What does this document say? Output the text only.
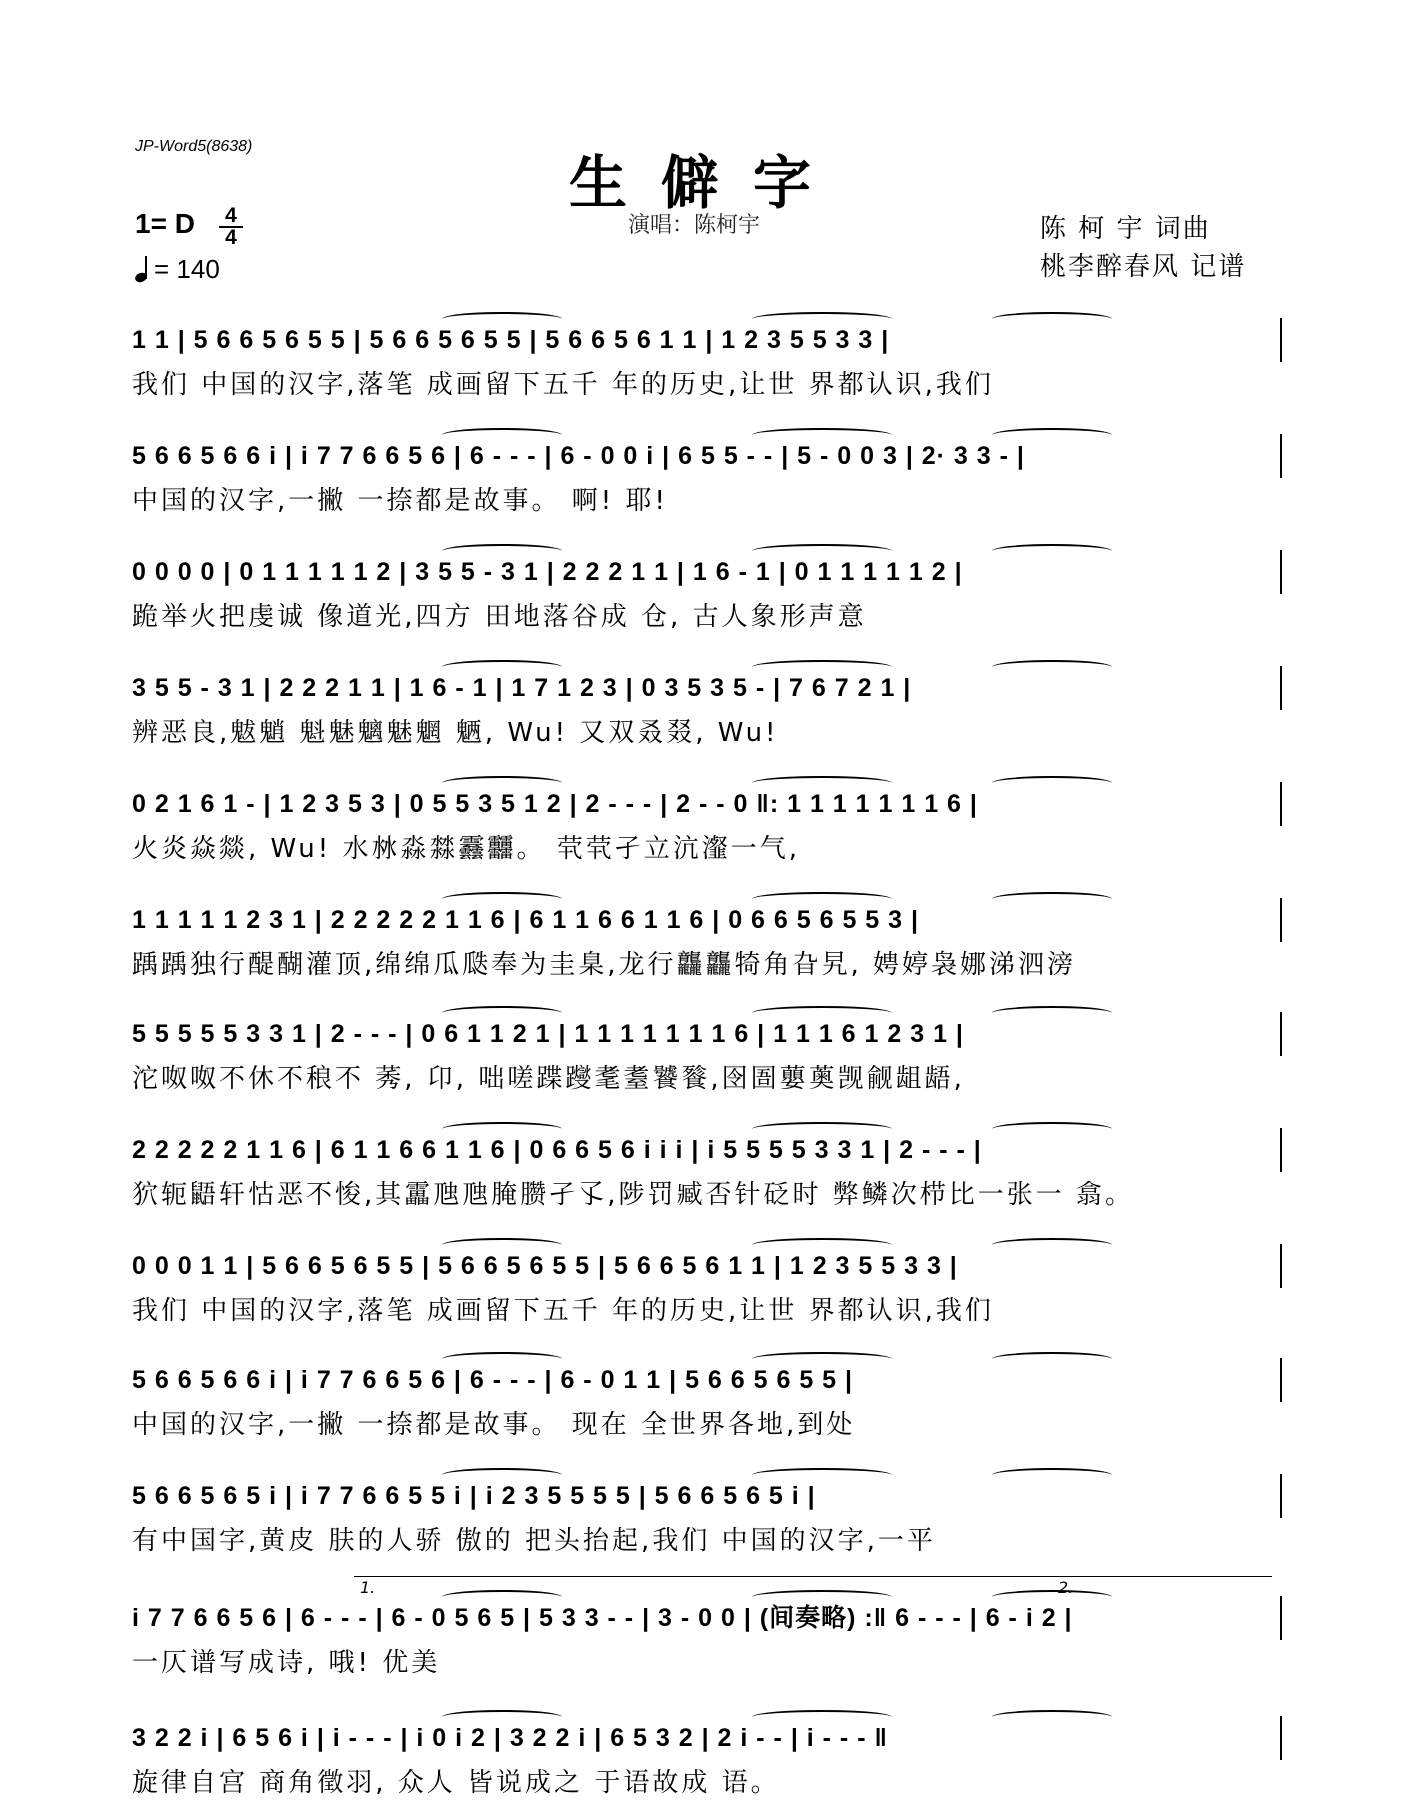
JP-Word5(8638)
生僻字
1= D	4
4
= 140
演唱：陈柯宇	陈 柯 宇 词曲
桃李醉春风 记谱
1 1 | 5 6 6 5 6 5 5 | 5 6 6 5 6 5 5 | 5 6 6 5 6 1 1 | 1 2 3 5 5 3 3 |
我们 中国的汉字,落笔 成画留下五千 年的历史,让世 界都认识,我们
5 6 6 5 6 6 i | i 7 7 6 6 5 6 | 6 - - - | 6 - 0 0 i | 6 5 5 - - | 5 - 0 0 3 | 2· 3 3 - |
中国的汉字,一撇 一捺都是故事。 啊! 耶!
0 0 0 0 | 0 1 1 1 1 1 2 | 3 5 5 - 3 1 | 2 2 2 1 1 | 1 6 - 1 | 0 1 1 1 1 1 2 |
跪举火把虔诚 像道光,四方 田地落谷成 仓, 古人象形声意
3 5 5 - 3 1 | 2 2 2 1 1 | 1 6 - 1 | 1 7 1 2 3 | 0 3 5 3 5 - | 7 6 7 2 1 |
辨恶良,魃魈 魁魅魑魅魍 魉, Wu! 又双叒叕, Wu!
0 2 1 6 1 - | 1 2 3 5 3 | 0 5 5 3 5 1 2 | 2 - - - | 2 - - 0 ‖: 1 1 1 1 1 1 1 6 |
火炎焱燚, Wu! 水沝淼㵘䨺䨻。 茕茕孑立沆瀣一气,
1 1 1 1 1 2 3 1 | 2 2 2 2 2 1 1 6 | 6 1 1 6 6 1 1 6 | 0 6 6 5 6 5 5 3 |
踽踽独行醍醐灌顶,绵绵瓜瓞奉为圭臬,龙行龘龘犄角旮旯, 娉婷袅娜涕泗滂
5 5 5 5 5 3 3 1 | 2 - - - | 0 6 1 1 2 1 | 1 1 1 1 1 1 1 6 | 1 1 1 6 1 2 3 1 |
沱呶呶不休不稂不 莠, 卬, 咄嗟蹀躞耄耋饕餮,囹圄蘡薁觊觎龃龉,
2 2 2 2 2 1 1 6 | 6 1 1 6 6 1 1 6 | 0 6 6 5 6 i i i | i 5 5 5 5 3 3 1 | 2 - - - |
狖轭鼯轩怙恶不悛,其靁虺虺腌臜孑孓,陟罚臧否针砭时 弊鳞次栉比一张一 翕。
0 0 0 1 1 | 5 6 6 5 6 5 5 | 5 6 6 5 6 5 5 | 5 6 6 5 6 1 1 | 1 2 3 5 5 3 3 |
我们 中国的汉字,落笔 成画留下五千 年的历史,让世 界都认识,我们
5 6 6 5 6 6 i | i 7 7 6 6 5 6 | 6 - - - | 6 - 0 1 1 | 5 6 6 5 6 5 5 |
中国的汉字,一撇 一捺都是故事。 现在 全世界各地,到处
5 6 6 5 6 5 i | i 7 7 6 6 5 5 i | i 2 3 5 5 5 5 | 5 6 6 5 6 5 i |
有中国字,黄皮 肤的人骄 傲的 把头抬起,我们 中国的汉字,一平
i 7 7 6 6 5 6 | 6 - - - | 6 - 0 5 6 5 | 5 3 3 - - | 3 - 0 0 | (间奏略) :‖ 6 - - - | 6 - i 2 |
一仄谱写成诗, 哦! 优美
1.	2.
3 2 2 i | 6 5 6 i | i - - - | i 0 i 2 | 3 2 2 i | 6 5 3 2 | 2 i - - | i - - - ‖
旋律自宫 商角徵羽, 众人 皆说成之 于语故成 语。
